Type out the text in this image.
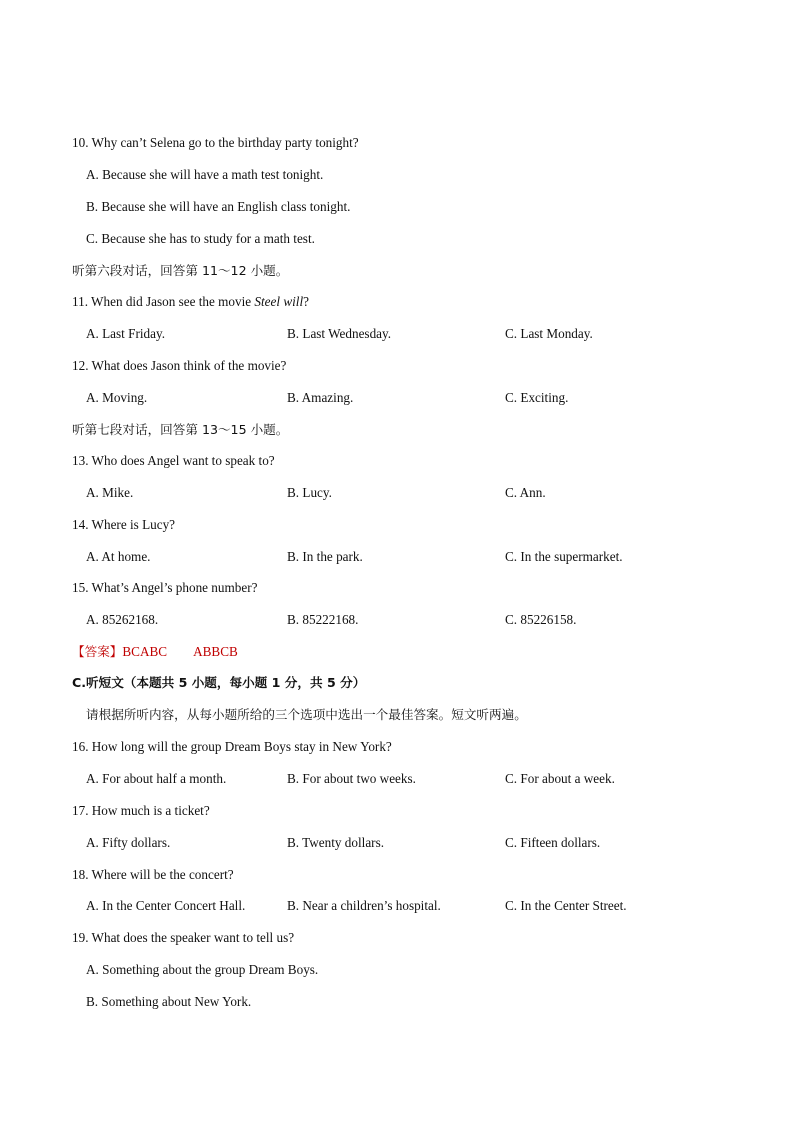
10. Why can’t Selena go to the birthday party tonight?
A. Because she will have a math test tonight.
B. Because she will have an English class tonight.
C. Because she has to study for a math test.
听第六段对话，回答第 11～12 小题。
11. When did Jason see the movie Steel will?
A. Last Friday.	B. Last Wednesday.	C. Last Monday.
12. What does Jason think of the movie?
A. Moving.	B. Amazing.	C. Exciting.
听第七段对话，回答第 13～15 小题。
13. Who does Angel want to speak to?
A. Mike.	B. Lucy.	C. Ann.
14. Where is Lucy?
A. At home.	B. In the park.	C. In the supermarket.
15. What’s Angel’s phone number?
A. 85262168.	B. 85222168.	C. 85226158.
【答案】BCABC ABBCB
C.听短文（本题共 5 小题，每小题 1 分，共 5 分）
请根据所听内容，从每小题所给的三个选项中选出一个最佳答案。短文听两遍。
16. How long will the group Dream Boys stay in New York?
A. For about half a month.	B. For about two weeks.	C. For about a week.
17. How much is a ticket?
A. Fifty dollars.	B. Twenty dollars.	C. Fifteen dollars.
18. Where will be the concert?
A. In the Center Concert Hall.	B. Near a children’s hospital.	C. In the Center Street.
19. What does the speaker want to tell us?
A. Something about the group Dream Boys.
B. Something about New York.
